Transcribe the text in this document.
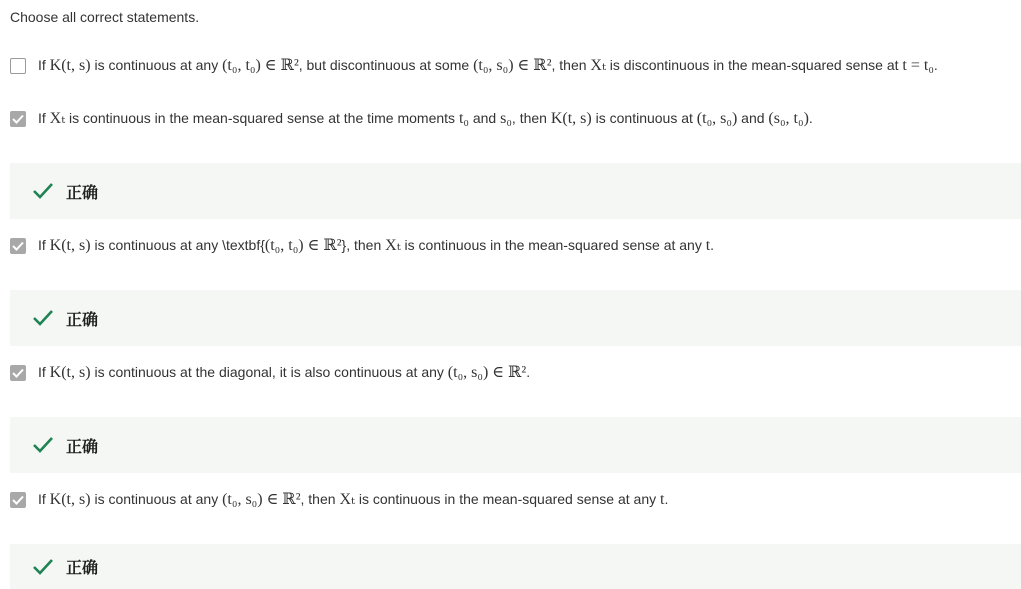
Choose all correct statements.
If K(t, s) is continuous at any (t₀, t₀) ∈ ℝ², but discontinuous at some (t₀, s₀) ∈ ℝ², then Xₜ is discontinuous in the mean-squared sense at t = t₀.
If Xₜ is continuous in the mean-squared sense at the time moments t₀ and s₀, then K(t, s) is continuous at (t₀, s₀) and (s₀, t₀).
正确
If K(t, s) is continuous at any \textbf{(t₀, t₀) ∈ ℝ²}, then Xₜ is continuous in the mean-squared sense at any t.
正确
If K(t, s) is continuous at the diagonal, it is also continuous at any (t₀, s₀) ∈ ℝ².
正确
If K(t, s) is continuous at any (t₀, s₀) ∈ ℝ², then Xₜ is continuous in the mean-squared sense at any t.
正确
